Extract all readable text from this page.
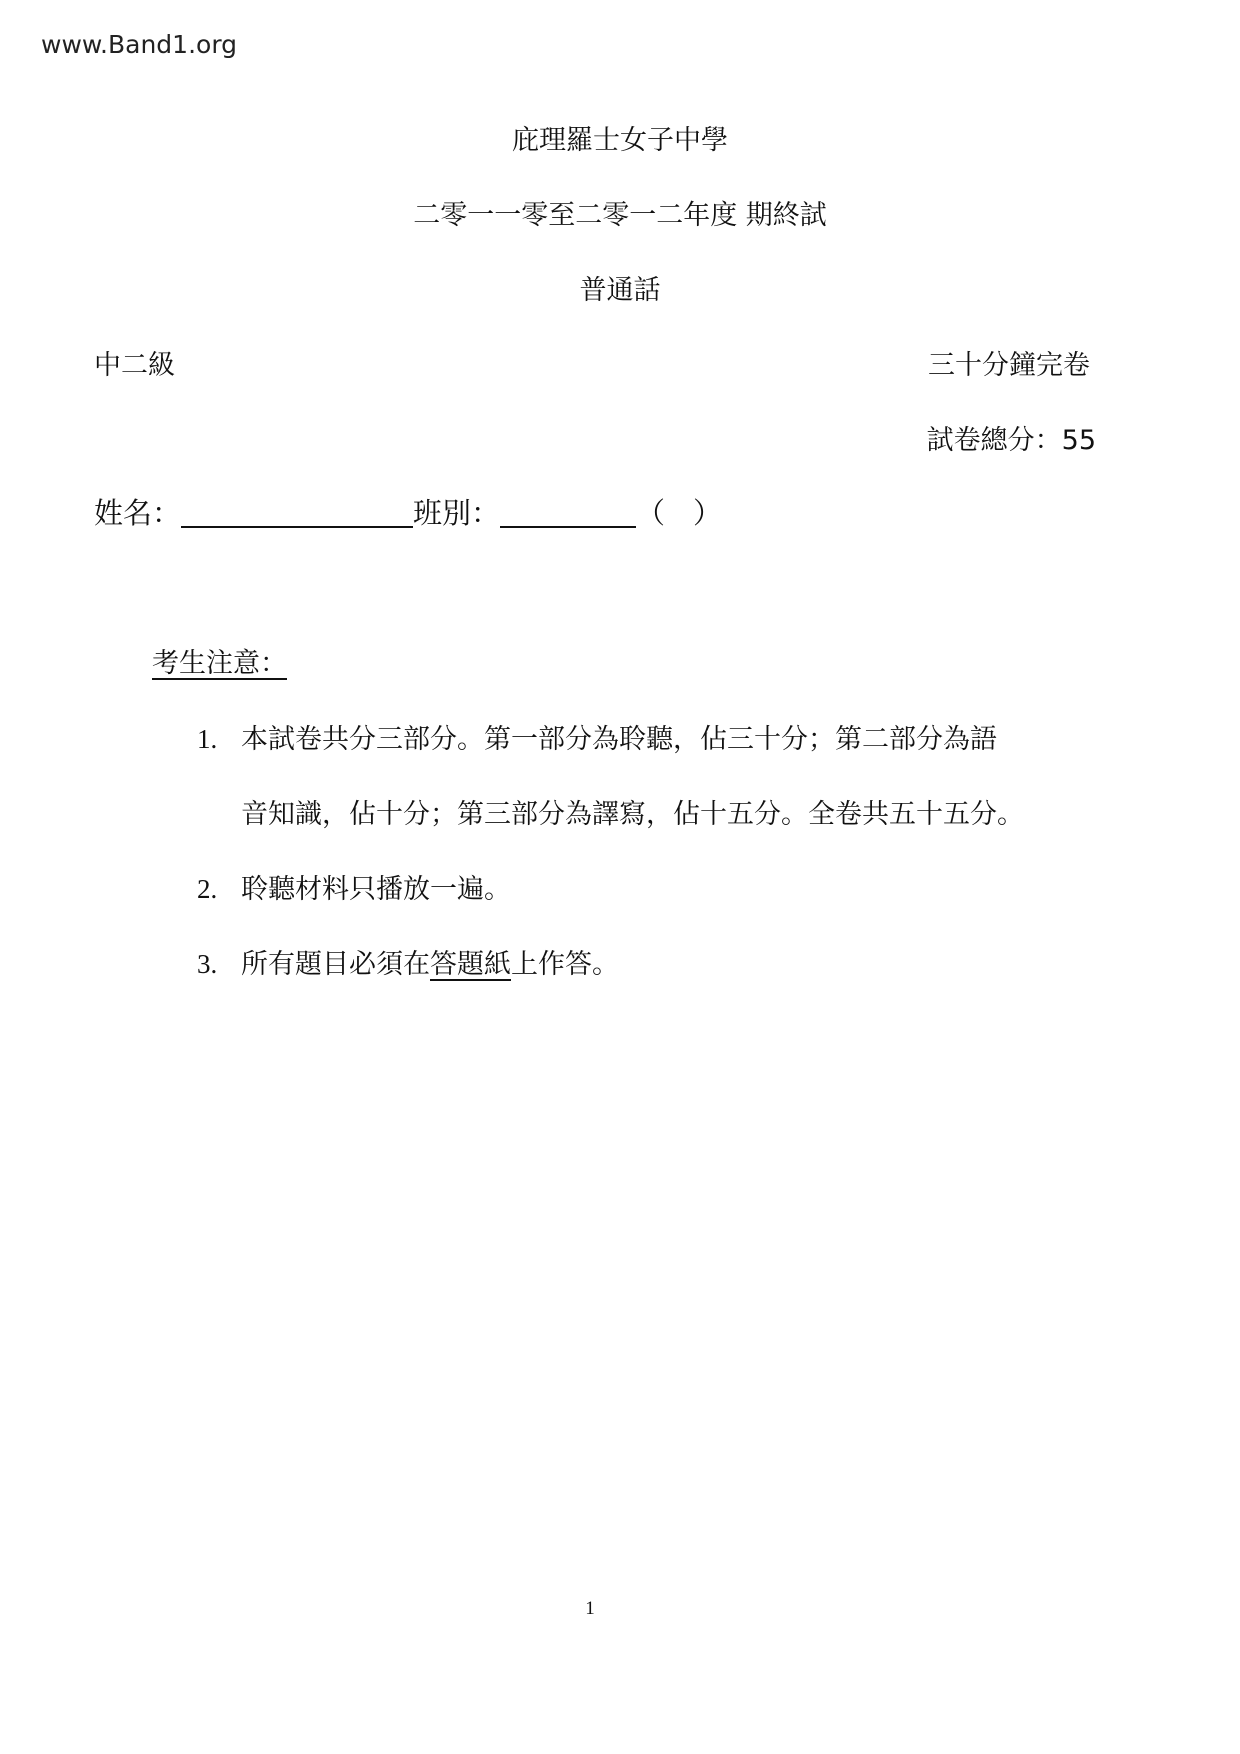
www.Band1.org
庇理羅士女子中學
二零一一零至二零一二年度 期終試
普通話
中二級	三十分鐘完卷
試卷總分：55
姓名：	班別：	（ ）
考生注意：
1. 本試卷共分三部分。第一部分為聆聽，佔三十分；第二部分為語
音知識，佔十分；第三部分為譯寫，佔十五分。全卷共五十五分。
2. 聆聽材料只播放一遍。
3. 所有題目必須在答題紙上作答。
1
